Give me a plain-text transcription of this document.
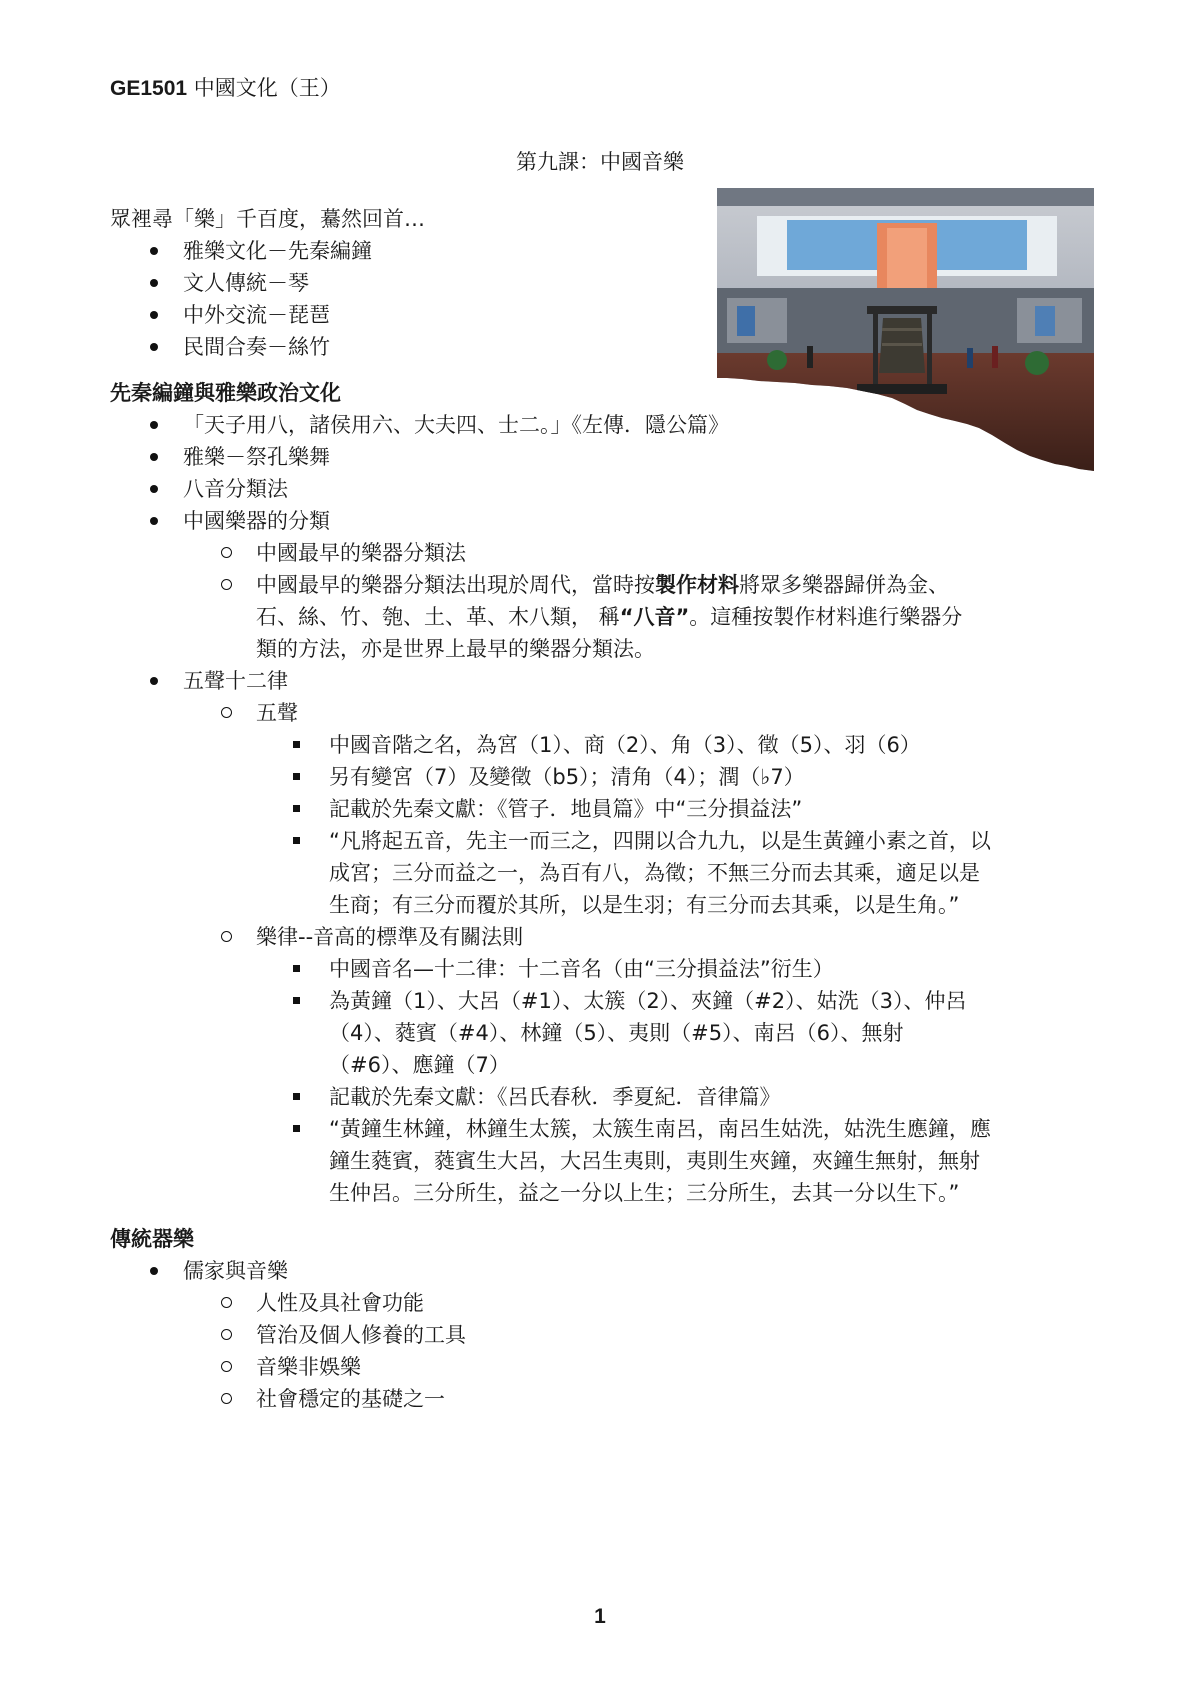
GE1501 中國文化（王）
第九課：中國音樂
眾裡尋「樂」千百度，驀然回首…
雅樂文化－先秦編鐘
文人傳統－琴
中外交流－琵琶
民間合奏－絲竹
先秦編鐘與雅樂政治文化
「天子用八，諸侯用六、大夫四、士二。」《左傳．隱公篇》
雅樂－祭孔樂舞
八音分類法
中國樂器的分類
中國最早的樂器分類法
中國最早的樂器分類法出現於周代，當時按製作材料將眾多樂器歸併為金、
石、絲、竹、匏、土、革、木八類， 稱“八音”。這種按製作材料進行樂器分
類的方法，亦是世界上最早的樂器分類法。
五聲十二律
五聲
中國音階之名，為宮（1）、商（2）、角（3）、徵（5）、羽（6）
另有變宮（7）及變徵（b5）；清角（4）；潤（♭7）
記載於先秦文獻：《管子．地員篇》中“三分損益法”
“凡將起五音，先主一而三之，四開以合九九，以是生黃鐘小素之首，以
成宮；三分而益之一，為百有八，為徵；不無三分而去其乘，適足以是
生商；有三分而覆於其所，以是生羽；有三分而去其乘，以是生角。”
樂律--音高的標準及有關法則
中國音名—十二律：十二音名（由“三分損益法”衍生）
為黃鐘（1）、大呂（#1）、太簇（2）、夾鐘（#2）、姑洗（3）、仲呂
（4）、蕤賓（#4）、林鐘（5）、夷則（#5）、南呂（6）、無射
（#6）、應鐘（7）
記載於先秦文獻：《呂氏春秋．季夏紀．音律篇》
“黃鐘生林鐘，林鐘生太簇，太簇生南呂，南呂生姑洗，姑洗生應鐘，應
鐘生蕤賓，蕤賓生大呂，大呂生夷則，夷則生夾鐘，夾鐘生無射，無射
生仲呂。三分所生，益之一分以上生；三分所生，去其一分以生下。”
傳統器樂
儒家與音樂
人性及具社會功能
管治及個人修養的工具
音樂非娛樂
社會穩定的基礎之一
1
